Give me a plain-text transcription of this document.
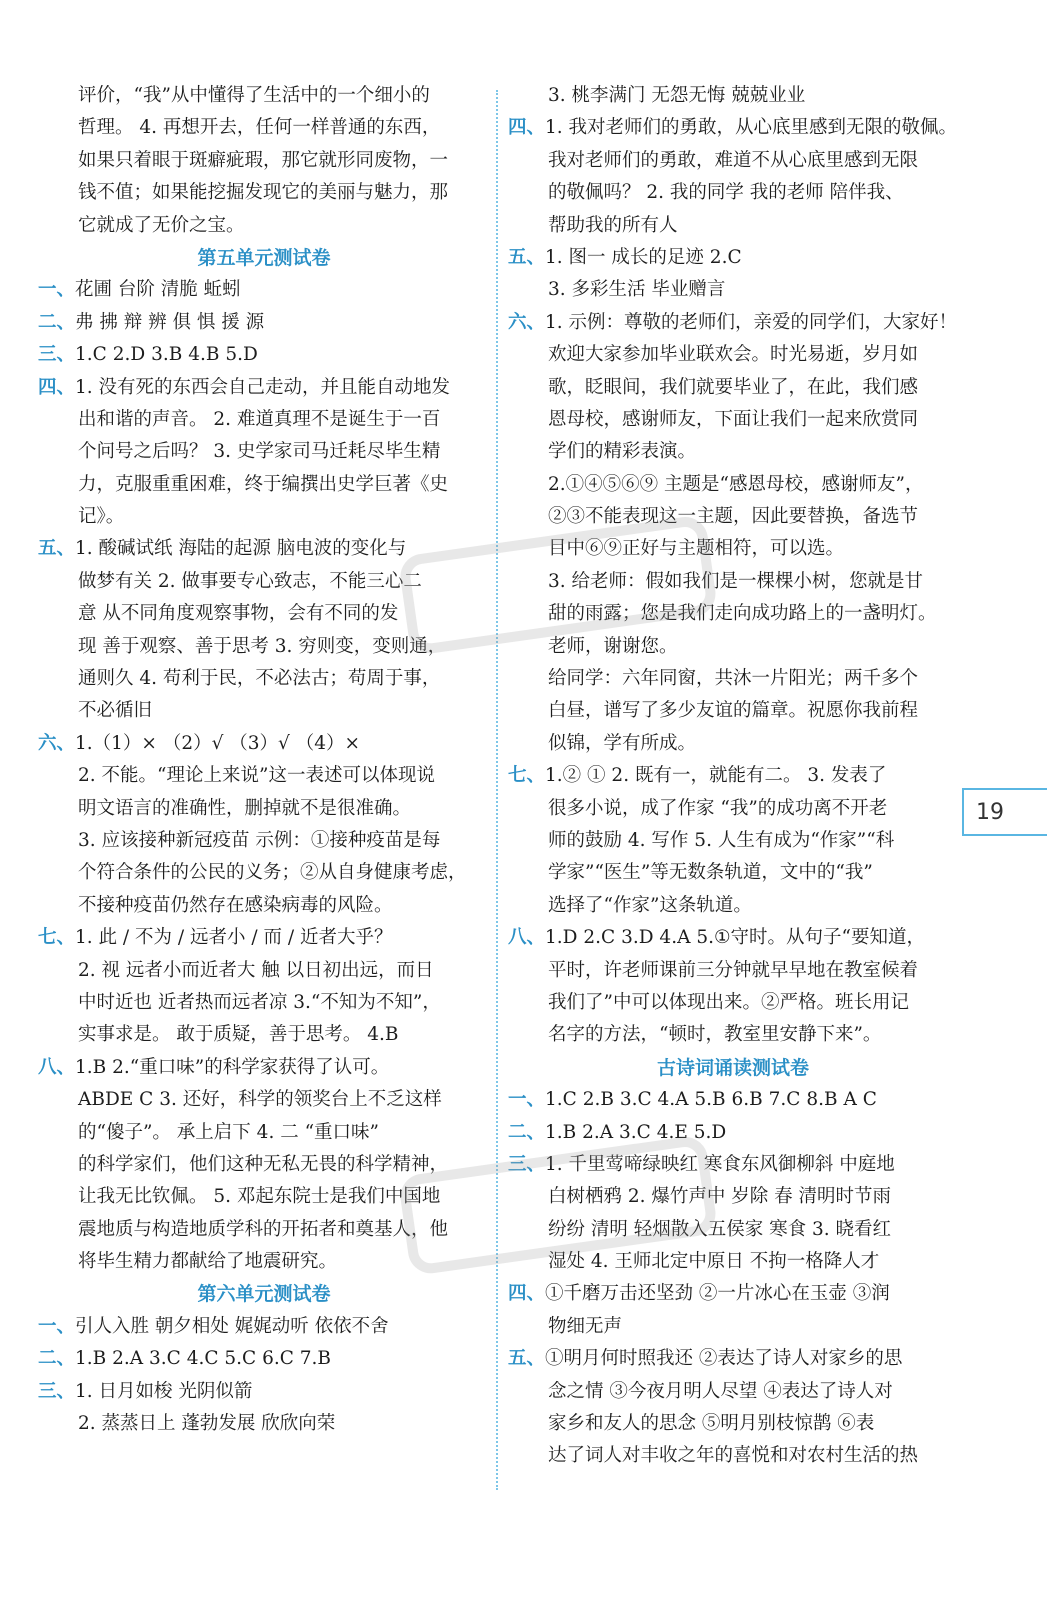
评价，“我”从中懂得了生活中的一个细小的
哲理。 4. 再想开去，任何一样普通的东西，
如果只着眼于斑癖疵瑕，那它就形同废物，一
钱不值；如果能挖掘发现它的美丽与魅力，那
它就成了无价之宝。
第五单元测试卷
一、花圃 台阶 清脆 蚯蚓
二、弗 拂 辩 辨 俱 惧 援 源
三、1.C 2.D 3.B 4.B 5.D
四、1. 没有死的东西会自己走动，并且能自动地发
出和谐的声音。 2. 难道真理不是诞生于一百
个问号之后吗？ 3. 史学家司马迁耗尽毕生精
力，克服重重困难，终于编撰出史学巨著《史
记》。
五、1. 酸碱试纸 海陆的起源 脑电波的变化与
做梦有关 2. 做事要专心致志，不能三心二
意 从不同角度观察事物，会有不同的发
现 善于观察、善于思考 3. 穷则变，变则通，
通则久 4. 苟利于民，不必法古；苟周于事，
不必循旧
六、1.（1）× （2）√ （3）√ （4）×
2. 不能。“理论上来说”这一表述可以体现说
明文语言的准确性，删掉就不是很准确。
3. 应该接种新冠疫苗 示例：①接种疫苗是每
个符合条件的公民的义务；②从自身健康考虑，
不接种疫苗仍然存在感染病毒的风险。
七、1. 此 / 不为 / 远者小 / 而 / 近者大乎？
2. 视 远者小而近者大 触 以日初出远，而日
中时近也 近者热而远者凉 3.“不知为不知”，
实事求是。 敢于质疑，善于思考。 4.B
八、1.B 2.“重口味”的科学家获得了认可。
ABDE C 3. 还好，科学的领奖台上不乏这样
的“傻子”。 承上启下 4. 二 “重口味”
的科学家们，他们这种无私无畏的科学精神，
让我无比钦佩。 5. 邓起东院士是我们中国地
震地质与构造地质学科的开拓者和奠基人，他
将毕生精力都献给了地震研究。
第六单元测试卷
一、引人入胜 朝夕相处 娓娓动听 依依不舍
二、1.B 2.A 3.C 4.C 5.C 6.C 7.B
三、1. 日月如梭 光阴似箭
2. 蒸蒸日上 蓬勃发展 欣欣向荣
3. 桃李满门 无怨无悔 兢兢业业
四、1. 我对老师们的勇敢，从心底里感到无限的敬佩。
我对老师们的勇敢，难道不从心底里感到无限
的敬佩吗？ 2. 我的同学 我的老师 陪伴我、
帮助我的所有人
五、1. 图一 成长的足迹 2.C
3. 多彩生活 毕业赠言
六、1. 示例：尊敬的老师们，亲爱的同学们，大家好！
欢迎大家参加毕业联欢会。时光易逝，岁月如
歌，眨眼间，我们就要毕业了，在此，我们感
恩母校，感谢师友，下面让我们一起来欣赏同
学们的精彩表演。
2.①④⑤⑥⑨ 主题是“感恩母校，感谢师友”，
②③不能表现这一主题，因此要替换，备选节
目中⑥⑨正好与主题相符，可以选。
3. 给老师：假如我们是一棵棵小树，您就是甘
甜的雨露；您是我们走向成功路上的一盏明灯。
老师，谢谢您。
给同学：六年同窗，共沐一片阳光；两千多个
白昼，谱写了多少友谊的篇章。祝愿你我前程
似锦，学有所成。
七、1.② ① 2. 既有一，就能有二。 3. 发表了
很多小说，成了作家 “我”的成功离不开老
师的鼓励 4. 写作 5. 人生有成为“作家”“科
学家”“医生”等无数条轨道，文中的“我”
选择了“作家”这条轨道。
八、1.D 2.C 3.D 4.A 5.①守时。从句子“要知道，
平时，许老师课前三分钟就早早地在教室候着
我们了”中可以体现出来。②严格。班长用记
名字的方法，“顿时，教室里安静下来”。
古诗词诵读测试卷
一、1.C 2.B 3.C 4.A 5.B 6.B 7.C 8.B A C
二、1.B 2.A 3.C 4.E 5.D
三、1. 千里莺啼绿映红 寒食东风御柳斜 中庭地
白树栖鸦 2. 爆竹声中 岁除 春 清明时节雨
纷纷 清明 轻烟散入五侯家 寒食 3. 晓看红
湿处 4. 王师北定中原日 不拘一格降人才
四、①千磨万击还坚劲 ②一片冰心在玉壶 ③润
物细无声
五、①明月何时照我还 ②表达了诗人对家乡的思
念之情 ③今夜月明人尽望 ④表达了诗人对
家乡和友人的思念 ⑤明月别枝惊鹊 ⑥表
达了词人对丰收之年的喜悦和对农村生活的热
19
